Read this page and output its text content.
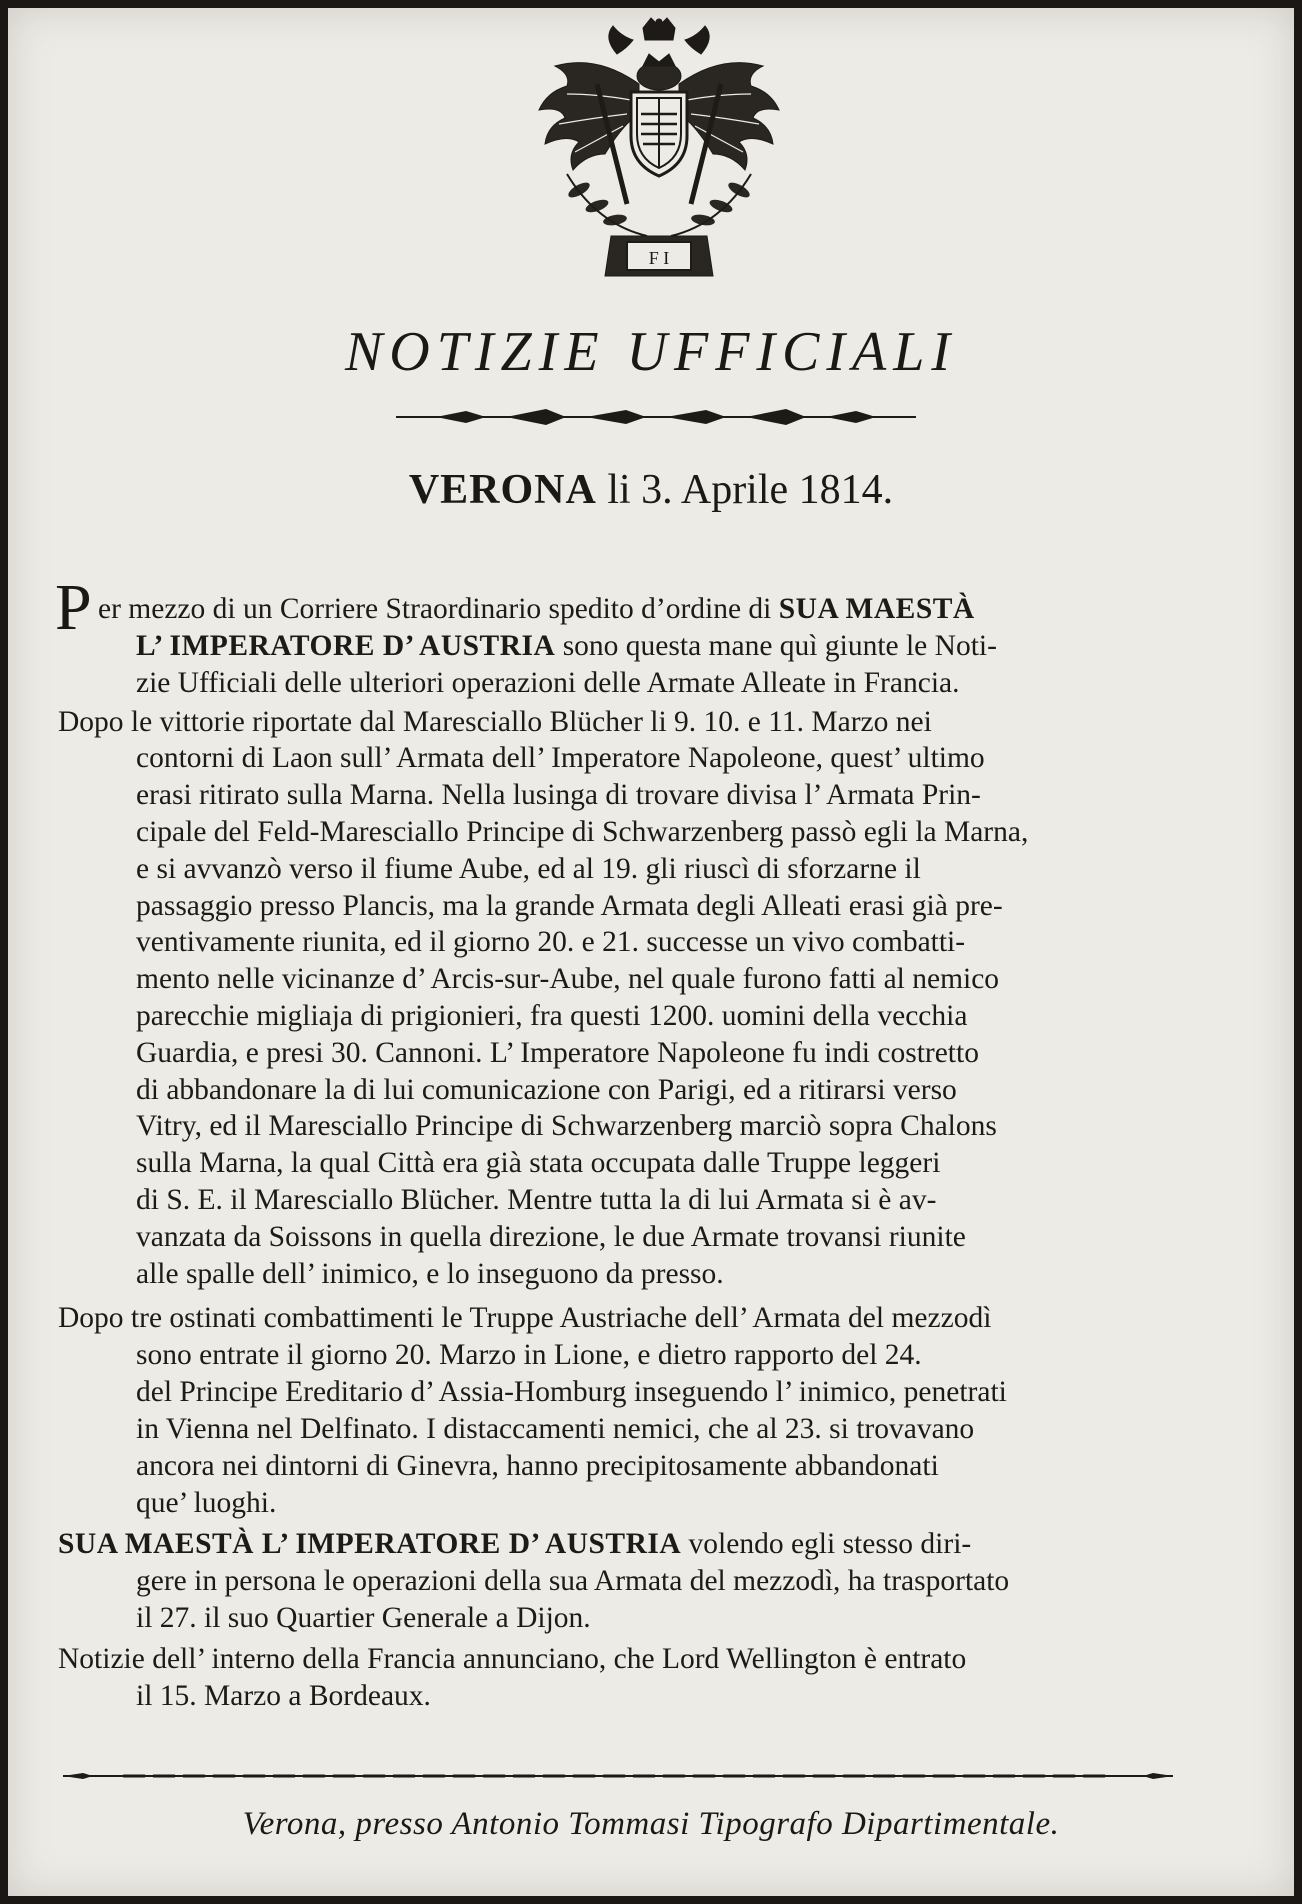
F I
NOTIZIE UFFICIALI
VERONA li 3. Aprile 1814.
P er mezzo di un Corriere Straordinario spedito d’ordine di SUA MAESTÀ
L’ IMPERATORE D’ AUSTRIA sono questa mane quì giunte le Noti-
zie Ufficiali delle ulteriori operazioni delle Armate Alleate in Francia.
Dopo le vittorie riportate dal Maresciallo Blücher li 9. 10. e 11. Marzo nei
contorni di Laon sull’ Armata dell’ Imperatore Napoleone, quest’ ultimo
erasi ritirato sulla Marna. Nella lusinga di trovare divisa l’ Armata Prin-
cipale del Feld-Maresciallo Principe di Schwarzenberg passò egli la Marna,
e si avvanzò verso il fiume Aube, ed al 19. gli riuscì di sforzarne il
passaggio presso Plancis, ma la grande Armata degli Alleati erasi già pre-
ventivamente riunita, ed il giorno 20. e 21. successe un vivo combatti-
mento nelle vicinanze d’ Arcis-sur-Aube, nel quale furono fatti al nemico
parecchie migliaja di prigionieri, fra questi 1200. uomini della vecchia
Guardia, e presi 30. Cannoni. L’ Imperatore Napoleone fu indi costretto
di abbandonare la di lui comunicazione con Parigi, ed a ritirarsi verso
Vitry, ed il Maresciallo Principe di Schwarzenberg marciò sopra Chalons
sulla Marna, la qual Città era già stata occupata dalle Truppe leggeri
di S. E. il Maresciallo Blücher. Mentre tutta la di lui Armata si è av-
vanzata da Soissons in quella direzione, le due Armate trovansi riunite
alle spalle dell’ inimico, e lo inseguono da presso.
Dopo tre ostinati combattimenti le Truppe Austriache dell’ Armata del mezzodì
sono entrate il giorno 20. Marzo in Lione, e dietro rapporto del 24.
del Principe Ereditario d’ Assia-Homburg inseguendo l’ inimico, penetrati
in Vienna nel Delfinato. I distaccamenti nemici, che al 23. si trovavano
ancora nei dintorni di Ginevra, hanno precipitosamente abbandonati
que’ luoghi.
SUA MAESTÀ L’ IMPERATORE D’ AUSTRIA volendo egli stesso diri-
gere in persona le operazioni della sua Armata del mezzodì, ha trasportato
il 27. il suo Quartier Generale a Dijon.
Notizie dell’ interno della Francia annunciano, che Lord Wellington è entrato
il 15. Marzo a Bordeaux.
Verona, presso Antonio Tommasi Tipografo Dipartimentale.
